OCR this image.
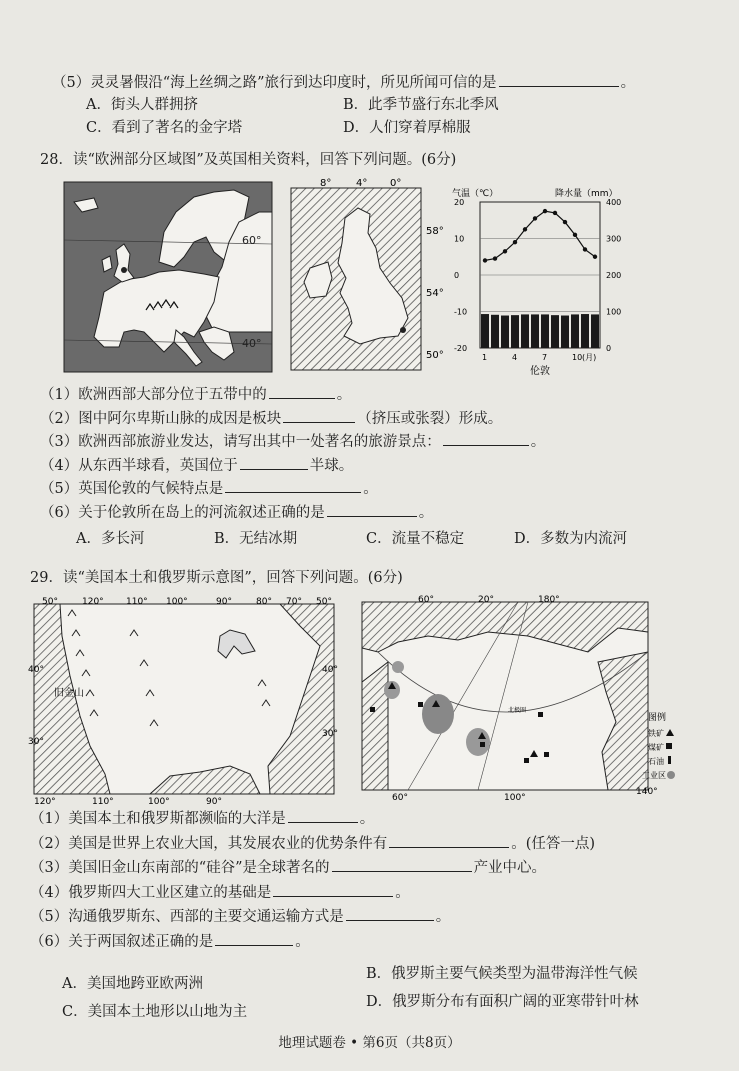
（5）灵灵暑假沿“海上丝绸之路”旅行到达印度时，所见所闻可信的是	。
A．街头人群拥挤	B．此季节盛行东北季风
C．看到了著名的金字塔	D．人们穿着厚棉服
28．读“欧洲部分区域图”及英国相关资料，回答下列问题。(6分)
60°
40°
8° 4° 0°
58°
54°
50°
气温（℃）	降水量（mm）
20
10
0
-10
-20
400
300
200
100
0
1	4	7	10 (月)
伦敦
（1）欧洲西部大部分位于五带中的	。
（2）图中阿尔卑斯山脉的成因是板块	（挤压或张裂）形成。
（3）欧洲西部旅游业发达，请写出其中一处著名的旅游景点：	。
（4）从东西半球看，英国位于	半球。
（5）英国伦敦的气候特点是	。
（6）关于伦敦所在岛上的河流叙述正确的是	。
A．多长河	B．无结冰期	C．流量不稳定	D．多数为内流河
29．读“美国本土和俄罗斯示意图”，回答下列问题。(6分)
旧金山
50°	120° 110° 100°	90°	80° 70° 50°
40°	40°
30°
30°
120°	110°	100°	90°
北极圈
60°	20°	180°
60°	100°
140°
图例
铁矿
煤矿
石油
工业区
（1）美国本土和俄罗斯都濒临的大洋是	。
（2）美国是世界上农业大国，其发展农业的优势条件有	。(任答一点)
（3）美国旧金山东南部的“硅谷”是全球著名的	产业中心。
（4）俄罗斯四大工业区建立的基础是	。
（5）沟通俄罗斯东、西部的主要交通运输方式是	。
（6）关于两国叙述正确的是	。
A．美国地跨亚欧两洲
B．俄罗斯主要气候类型为温带海洋性气候
C．美国本土地形以山地为主
D．俄罗斯分布有面积广阔的亚寒带针叶林
地理试题卷 • 第6页（共8页）
